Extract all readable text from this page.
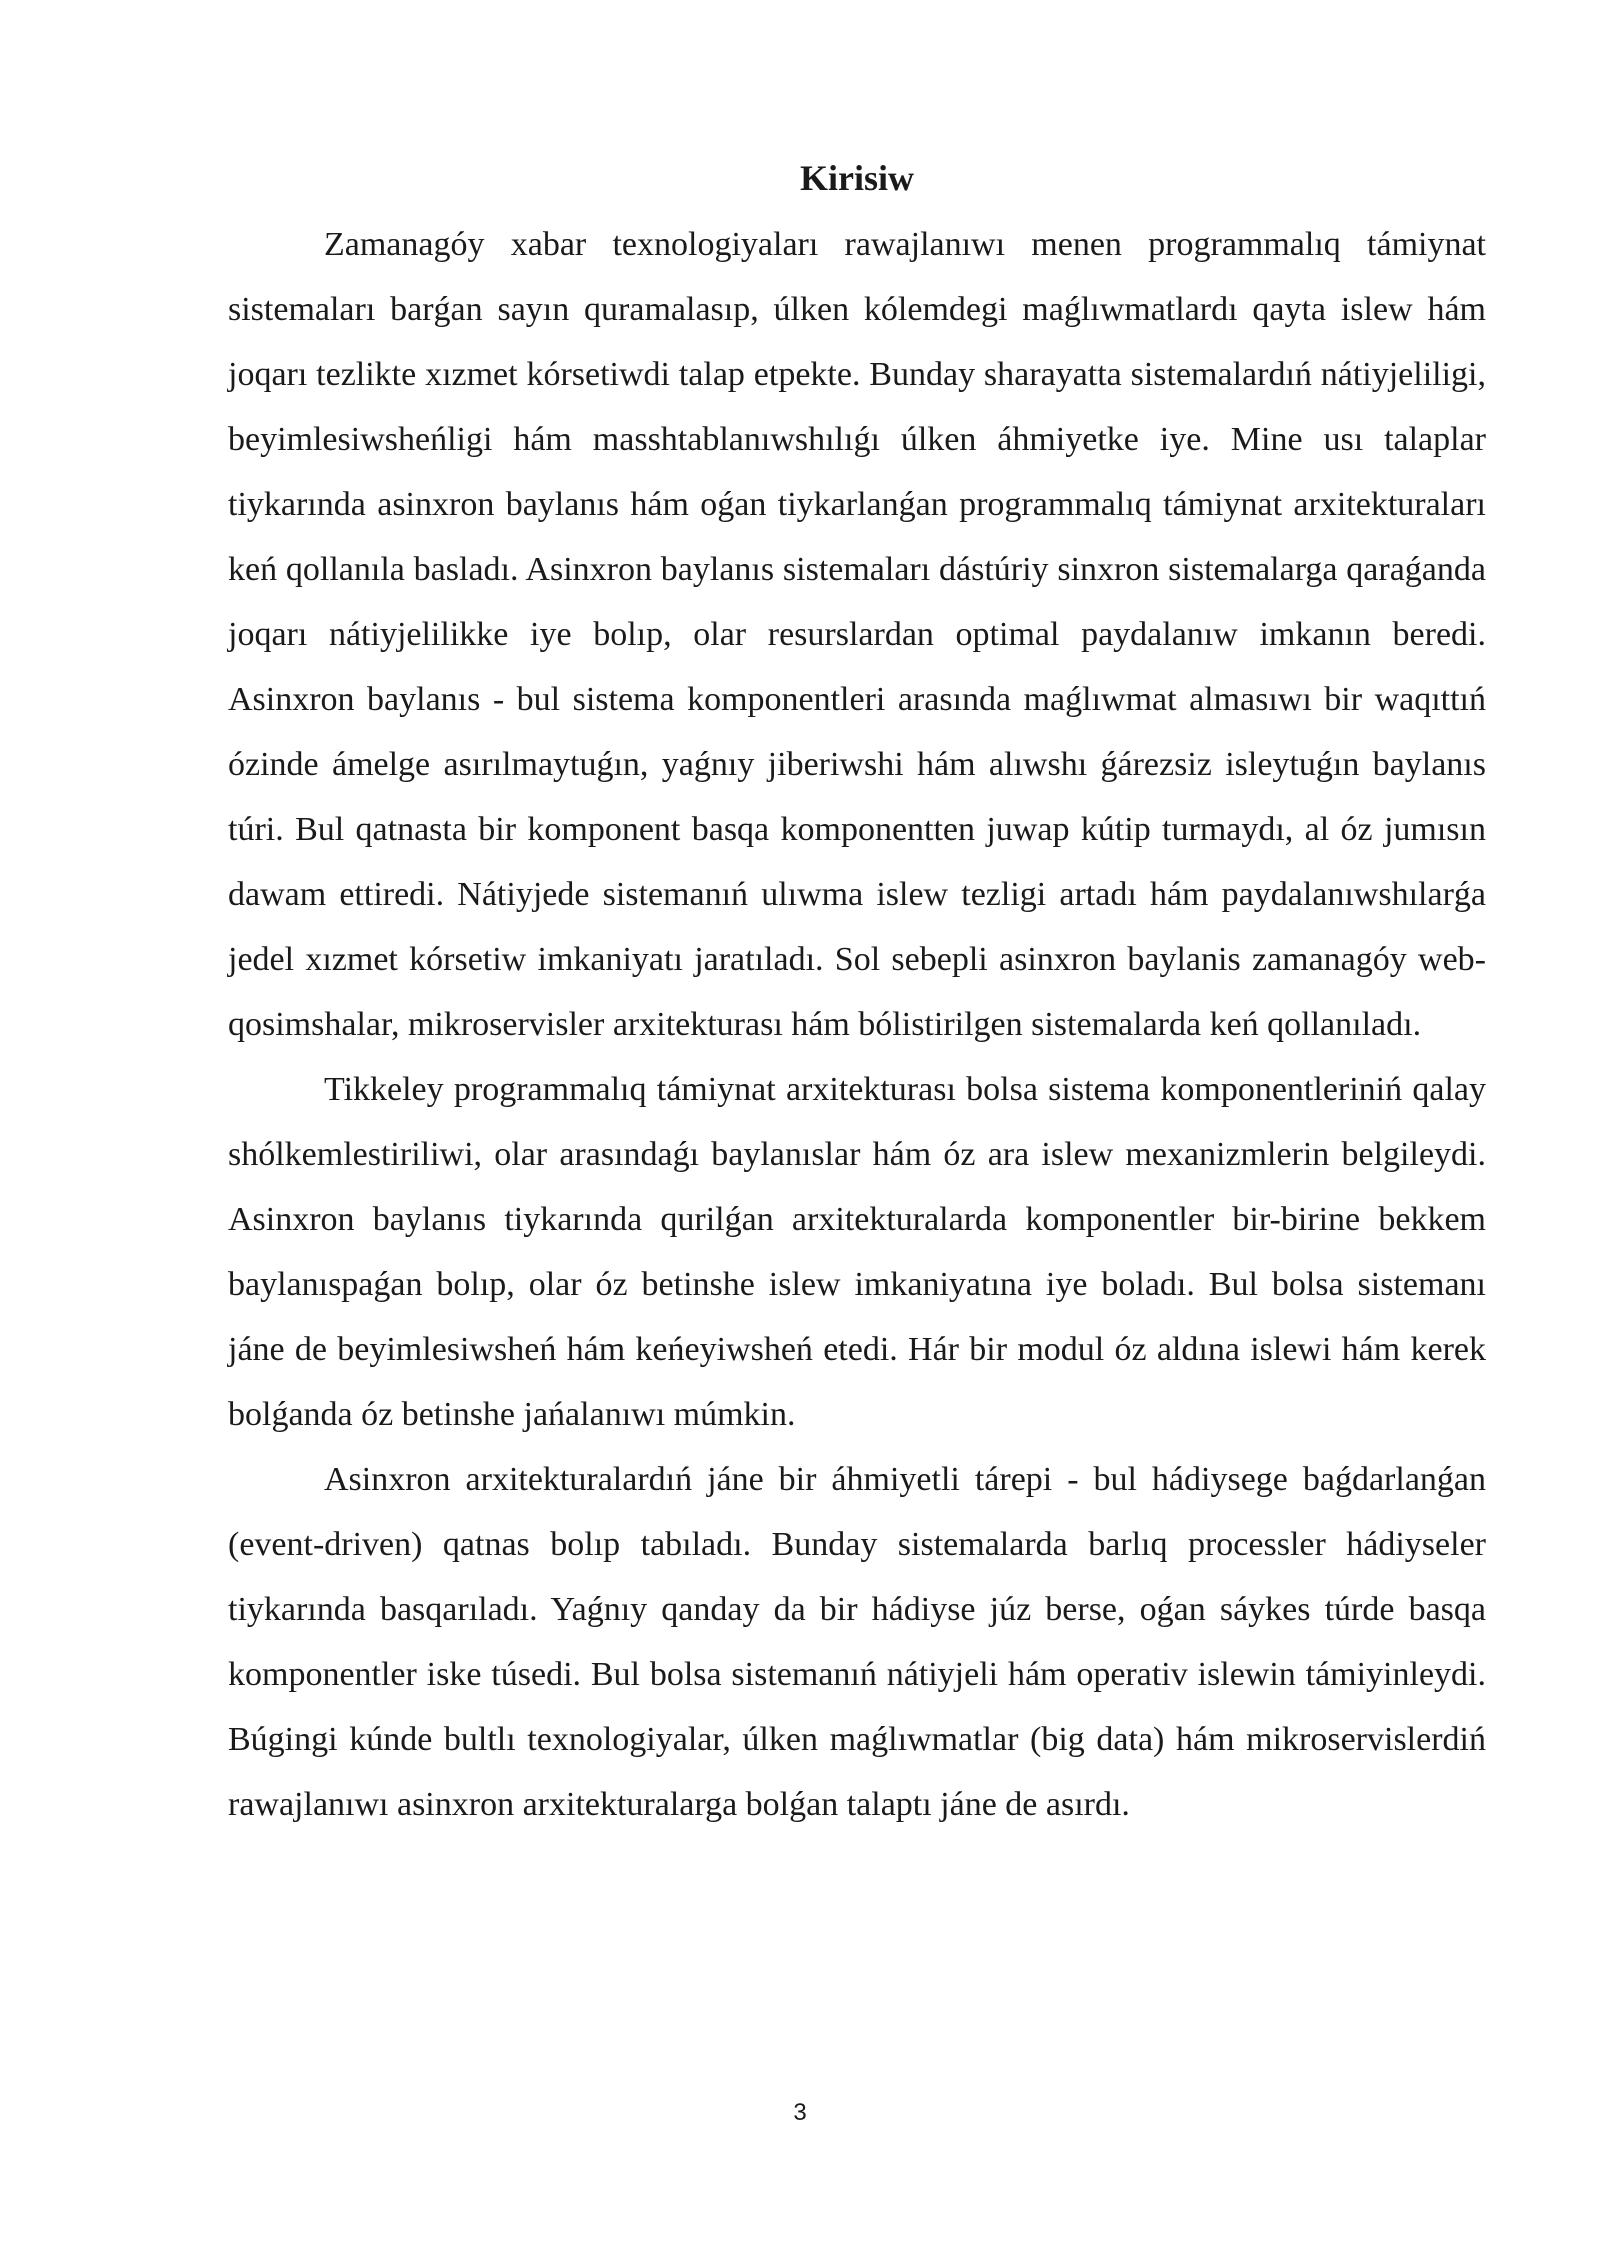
Kirisiw

Zamanagóy xabar texnologiyaları rawajlanıwı menen programmalıq támiynat sistemaları barǵan sayın quramalasıp, úlken kólemdegi maǵlıwmatlardı qayta islew hám joqarı tezlikte xızmet kórsetiwdi talap etpekte. Bunday sharayatta sistemalardıń nátiyjeliligi, beyimlesiwsheńligi hám masshtablanıwshılıǵı úlken áhmiyetke iye. Mine usı talaplar tiykarında asinxron baylanıs hám oǵan tiykarlanǵan programmalıq támiynat arxitekturaları keń qollanıla basladı. Asinxron baylanıs sistemaları dástúriy sinxron sistemalarga qaraǵanda joqarı nátiyjelilikke iye bolıp, olar resurslardan optimal paydalanıw imkanın beredi. Asinxron baylanıs - bul sistema komponentleri arasında maǵlıwmat almasıwı bir waqıttıń ózinde ámelge asırılmaytuǵın, yaǵnıy jiberiwshi hám alıwshı ǵárezsiz isleytuǵın baylanıs túri. Bul qatnasta bir komponent basqa komponentten juwap kútip turmaydı, al óz jumısın dawam ettiredi. Nátiyjede sistemanıń ulıwma islew tezligi artadı hám paydalanıwshılarǵa jedel xızmet kórsetiw imkaniyatı jaratıladı. Sol sebepli asinxron baylanis zamanagóy web-qosimshalar, mikroservisler arxitekturası hám bólistirilgen sistemalarda keń qollanıladı.

Tikkeley programmalıq támiynat arxitekturası bolsa sistema komponentleriniń qalay shólkemlestiriliwi, olar arasındaǵı baylanıslar hám óz ara islew mexanizmlerin belgileydi. Asinxron baylanıs tiykarında qurilǵan arxitekturalarda komponentler bir-birine bekkem baylanıspaǵan bolıp, olar óz betinshe islew imkaniyatına iye boladı. Bul bolsa sistemanı jáne de beyimlesiwsheń hám keńeyiwsheń etedi. Hár bir modul óz aldına islewi hám kerek bolǵanda óz betinshe jańalanıwı múmkin.

Asinxron arxitekturalardıń jáne bir áhmiyetli tárepi - bul hádiysege baǵdarlanǵan (event-driven) qatnas bolıp tabıladı. Bunday sistemalarda barlıq processler hádiyseler tiykarında basqarıladı. Yaǵnıy qanday da bir hádiyse júz berse, oǵan sáykes túrde basqa komponentler iske túsedi. Bul bolsa sistemanıń nátiyjeli hám operativ islewin támiyinleydi. Búgingi kúnde bultlı texnologiyalar, úlken maǵlıwmatlar (big data) hám mikroservislerdiń rawajlanıwı asinxron arxitekturalarga bolǵan talaptı jáne de asırdı.

3
